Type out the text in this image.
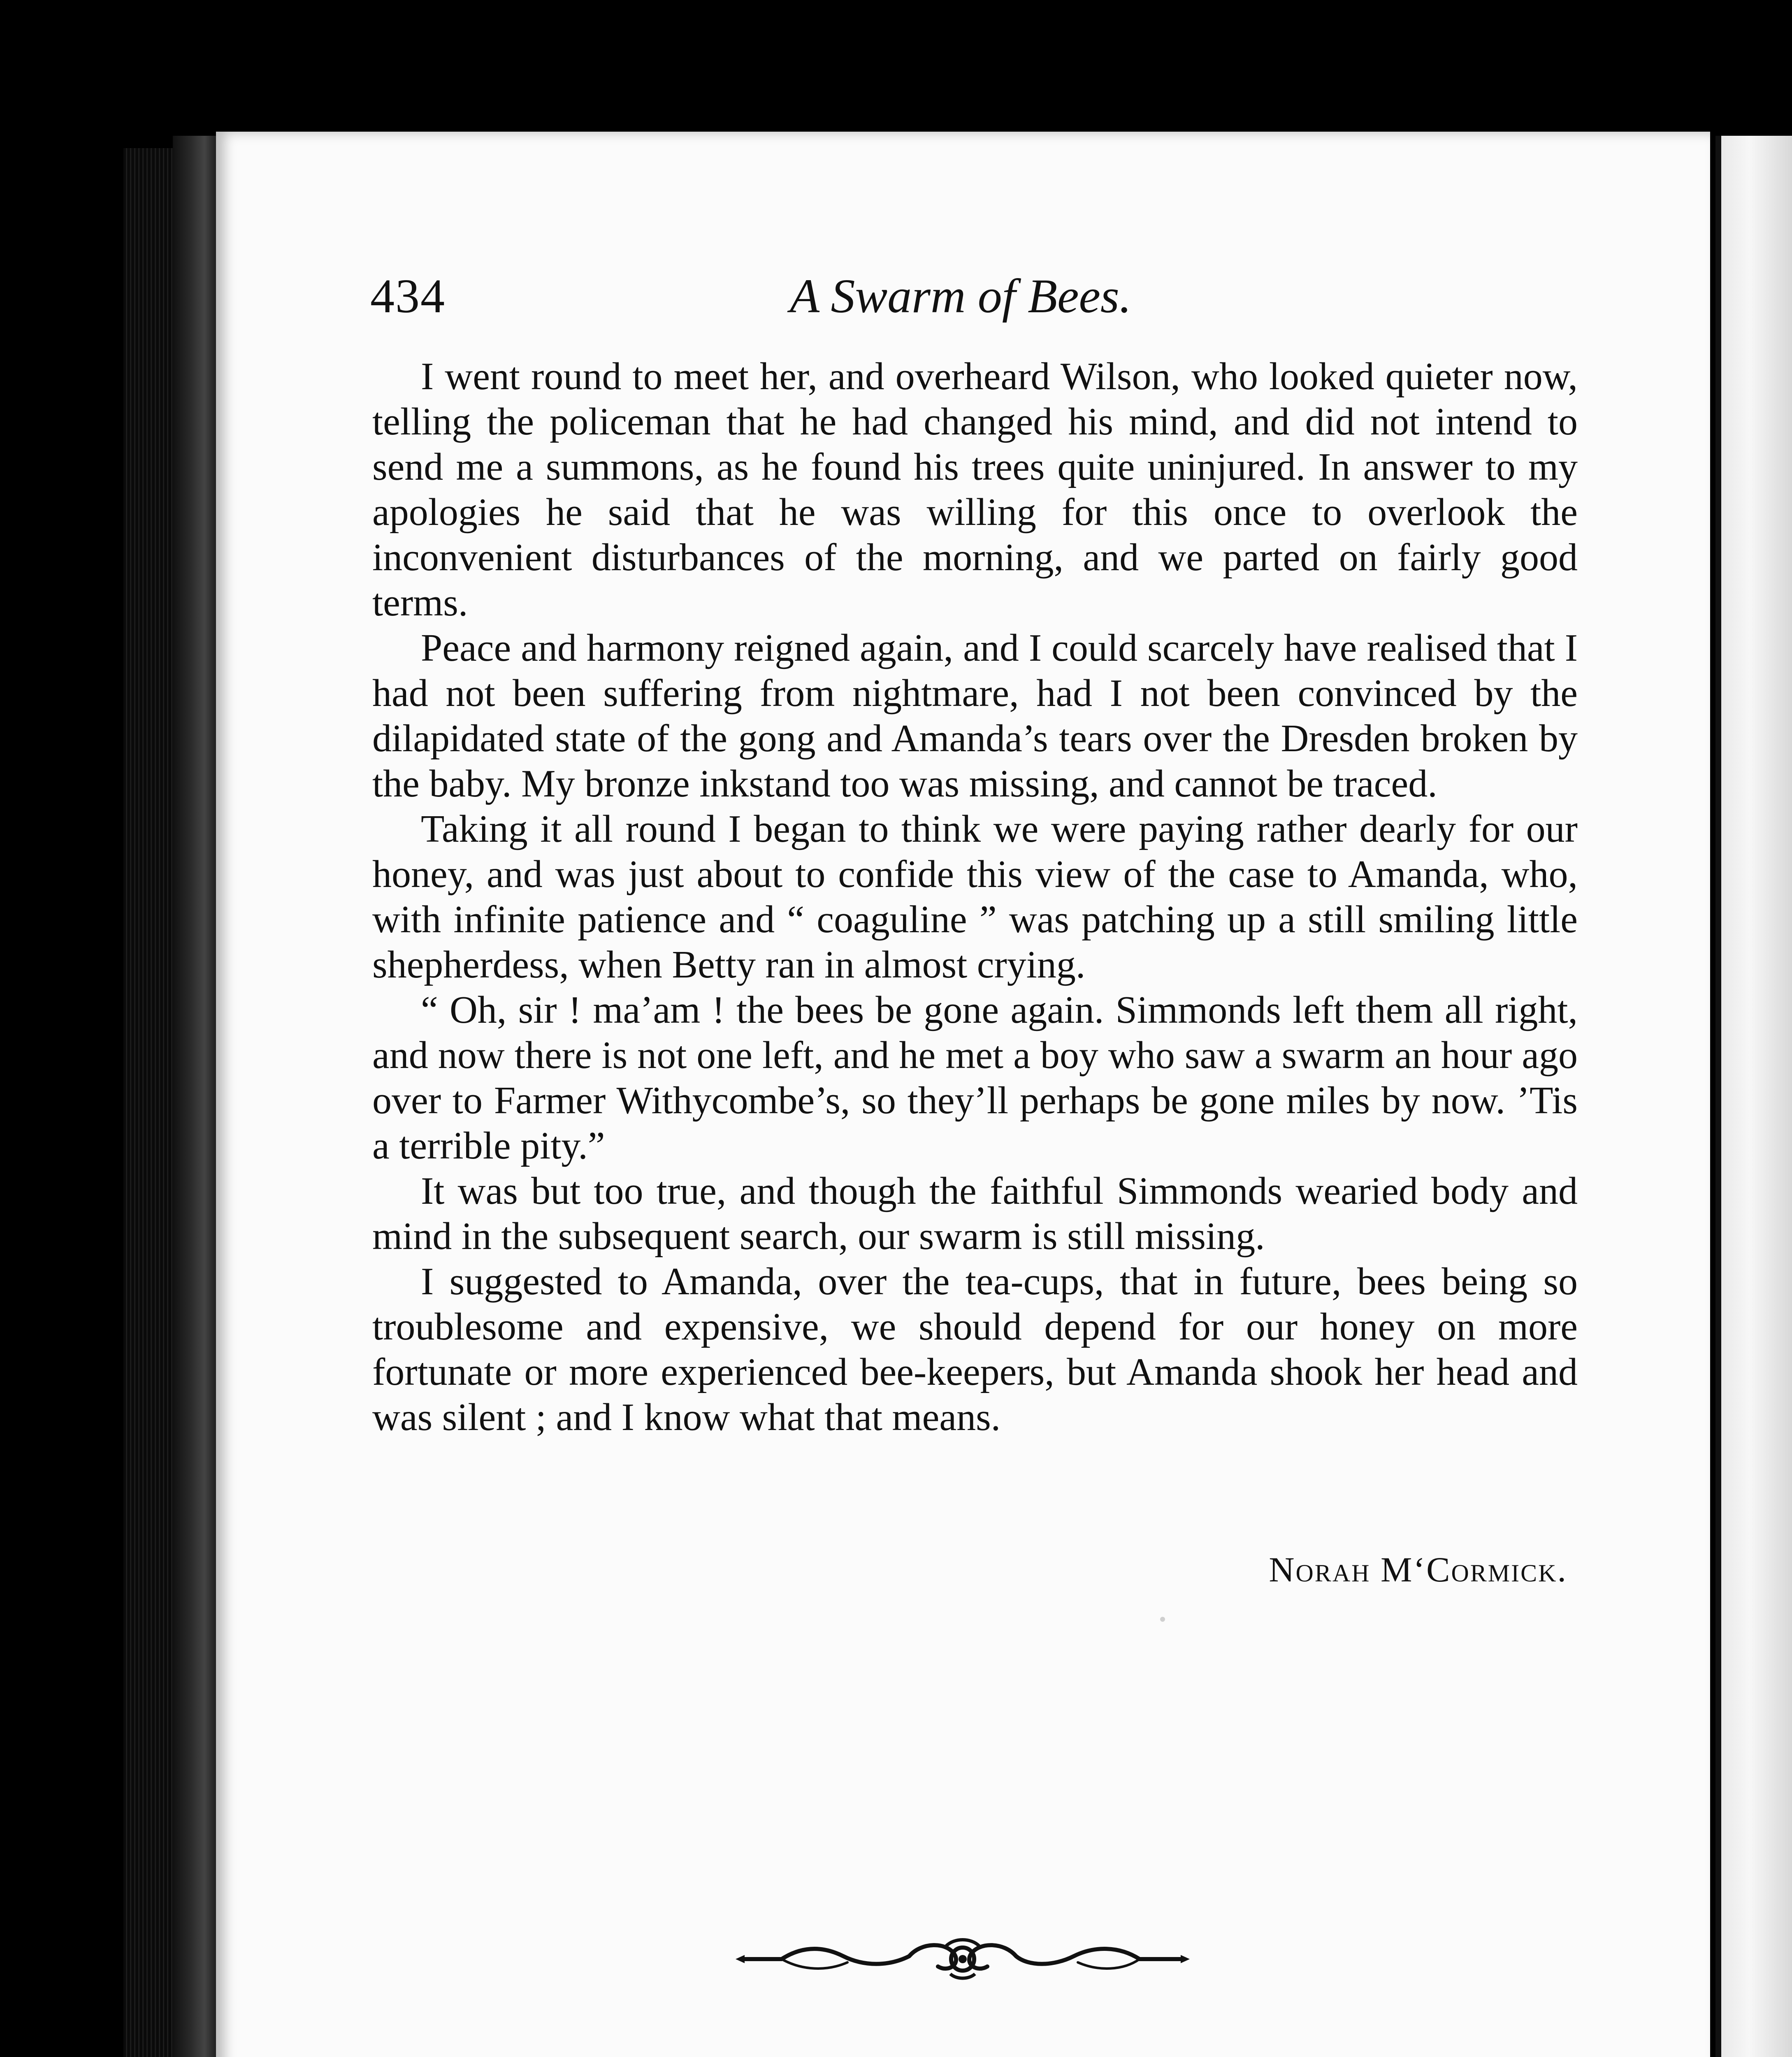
434	A Swarm of Bees.

I went round to meet her, and overheard Wilson, who looked quieter now, telling the policeman that he had changed his mind, and did not intend to send me a summons, as he found his trees quite uninjured. In answer to my apologies he said that he was willing for this once to overlook the inconvenient disturbances of the morning, and we parted on fairly good terms.

Peace and harmony reigned again, and I could scarcely have realised that I had not been suffering from nightmare, had I not been convinced by the dilapidated state of the gong and Amanda’s tears over the Dresden broken by the baby. My bronze inkstand too was missing, and cannot be traced.

Taking it all round I began to think we were paying rather dearly for our honey, and was just about to confide this view of the case to Amanda, who, with infinite patience and “ coaguline ” was patching up a still smiling little shepherdess, when Betty ran in almost crying.

“ Oh, sir ! ma’am ! the bees be gone again. Simmonds left them all right, and now there is not one left, and he met a boy who saw a swarm an hour ago over to Farmer Withycombe’s, so they’ll perhaps be gone miles by now. ’Tis a terrible pity.”

It was but too true, and though the faithful Simmonds wearied body and mind in the subsequent search, our swarm is still missing.

I suggested to Amanda, over the tea-cups, that in future, bees being so troublesome and expensive, we should depend for our honey on more fortunate or more experienced bee-keepers, but Amanda shook her head and was silent ; and I know what that means.

Norah M‘Cormick.
